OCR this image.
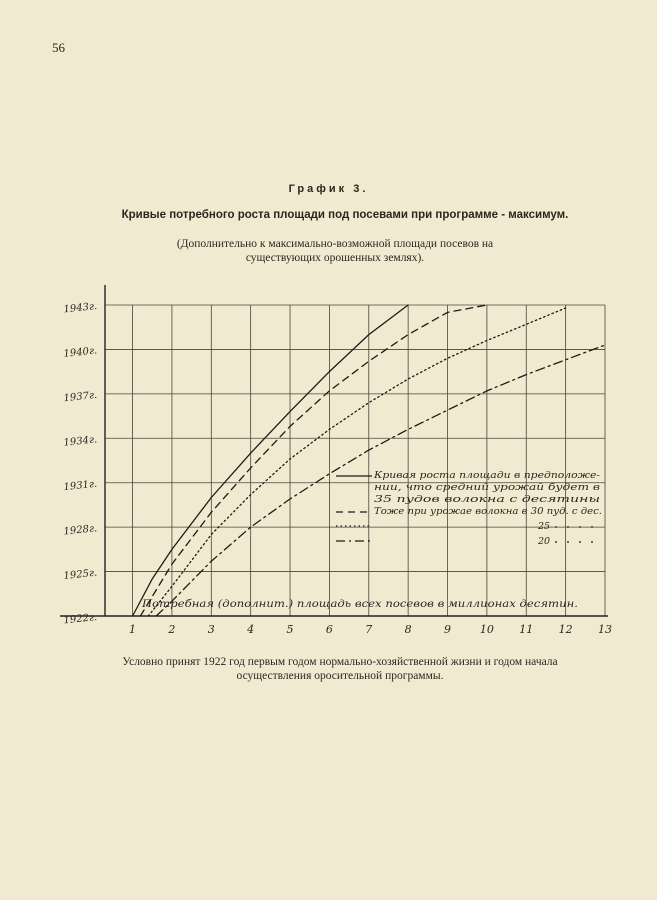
56
График 3.
Кривые потребного роста площади под посевами при программе - максимум.
(Дополнительно к максимально-возможной площади посевов на
существующих орошенных землях).
1922г.
1925г.
1928г.
1931г.
1934г.
1937г.
1940г.
1943г.
1	2	3	4	5	6	7	8	9	10 11 12 13
Потребная (дополнит.) площадь всех посевов в миллионах десятин.
Кривая роста площади в предположе-
нии, что средний урожай будет в
35 пудов волокна с десятины
Тоже при урожае волокна в 30 пуд. с дес.
25
20
Условно принят 1922 год первым годом нормально-хозяйственной жизни и годом начала
осуществления оросительной программы.
